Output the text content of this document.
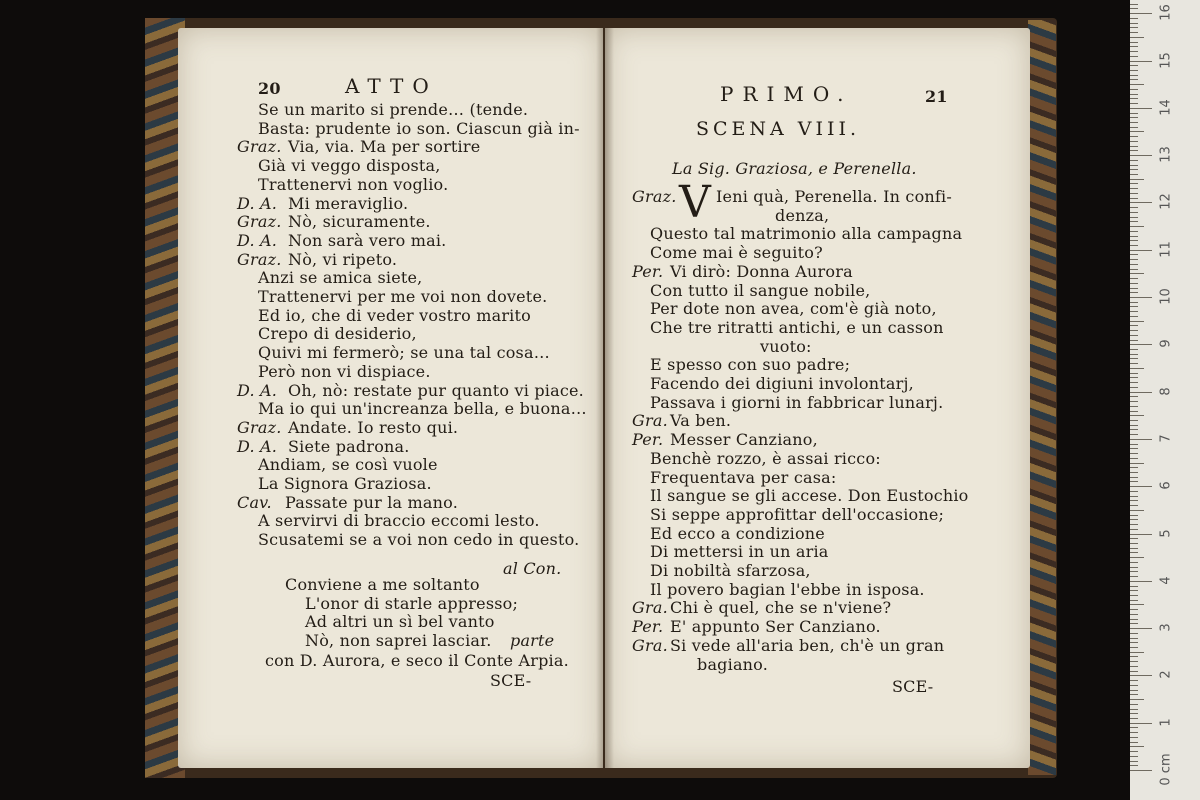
20	ATTO
Se un marito si prende… (tende.
Basta: prudente io son. Ciascun già in-
Graz. Via, via. Ma per sortire
Già vi veggo disposta,
Trattenervi non voglio.
D. A. Mi meraviglio.
Graz. Nò, sicuramente.
D. A. Non sarà vero mai.
Graz. Nò, vi ripeto.
Anzi se amica siete,
Trattenervi per me voi non dovete.
Ed io, che di veder vostro marito
Crepo di desiderio,
Quivi mi fermerò; se una tal cosa…
Però non vi dispiace.
D. A. Oh, nò: restate pur quanto vi piace.
Ma io qui un'increanza bella, e buona…
Graz. Andate. Io resto qui.
D. A. Siete padrona.
Andiam, se così vuole
La Signora Graziosa.
Cav. Passate pur la mano.
A servirvi di braccio eccomi lesto.
Scusatemi se a voi non cedo in questo.
al Con.
Conviene a me soltanto
L'onor di starle appresso;
Ad altri un sì bel vanto
Nò, non saprei lasciar. parte
con D. Aurora, e seco il Conte Arpia.
SCE-
PRIMO.	21
SCENA VIII.
La Sig. Graziosa, e Perenella.
V
Graz. Ieni quà, Perenella. In confi-
denza,
Questo tal matrimonio alla campagna
Come mai è seguito?
Per. Vi dirò: Donna Aurora
Con tutto il sangue nobile,
Per dote non avea, com'è già noto,
Che tre ritratti antichi, e un casson
vuoto:
E spesso con suo padre;
Facendo dei digiuni involontarj,
Passava i giorni in fabbricar lunarj.
Gra. Va ben.
Per. Messer Canziano,
Benchè rozzo, è assai ricco:
Frequentava per casa:
Il sangue se gli accese. Don Eustochio
Si seppe approfittar dell'occasione;
Ed ecco a condizione
Di mettersi in un aria
Di nobiltà sfarzosa,
Il povero bagian l'ebbe in isposa.
Gra. Chi è quel, che se n'viene?
Per. E' appunto Ser Canziano.
Gra. Si vede all'aria ben, ch'è un gran
bagiano.
SCE-
16
15
14
13
12
11
10
9
8
7
6
5
4
3
2
1
0 cm
